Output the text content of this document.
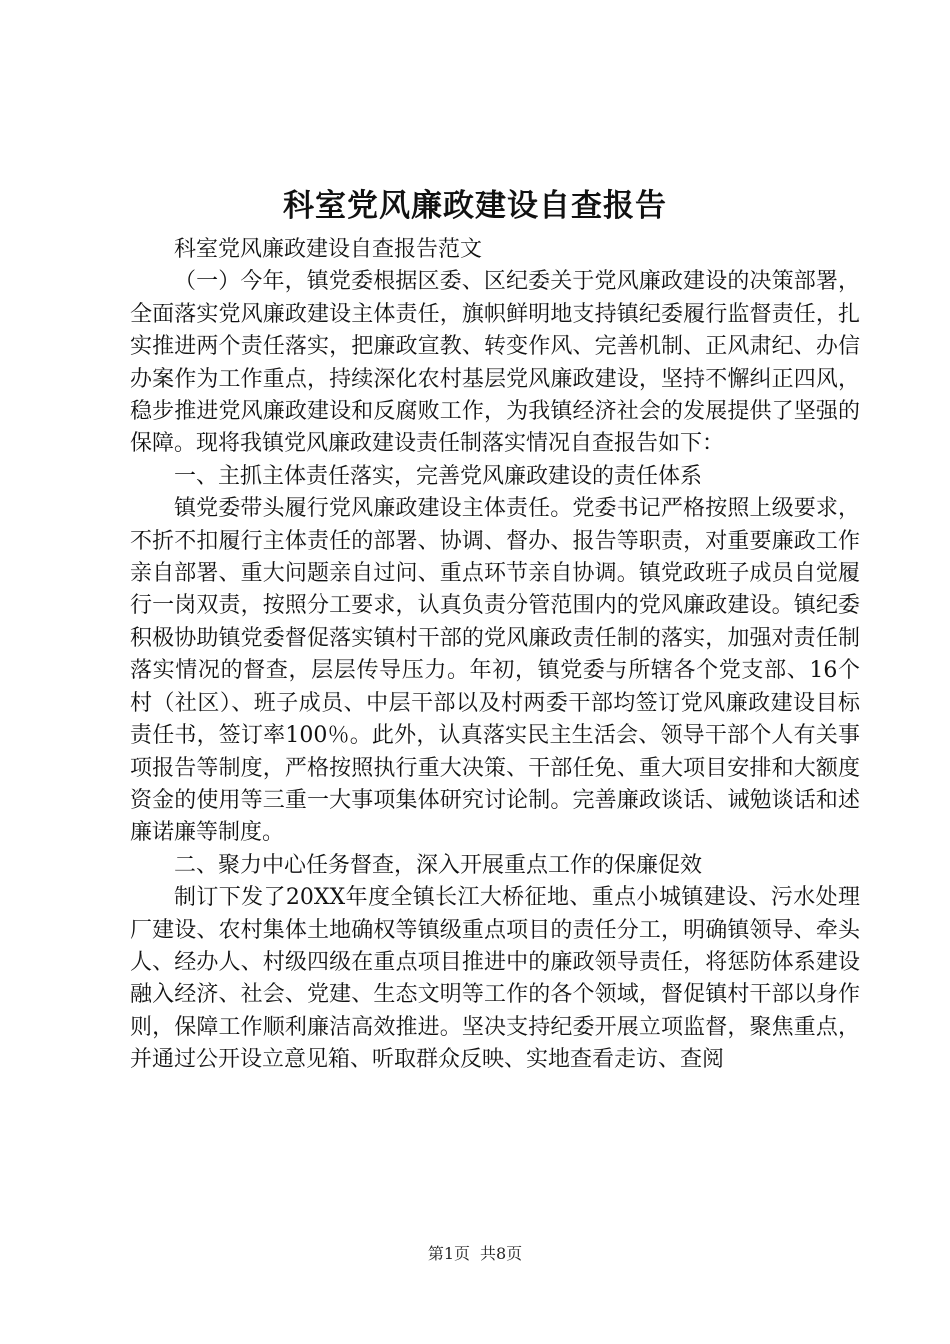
科室党风廉政建设自查报告

科室党风廉政建设自查报告范文

（一）今年，镇党委根据区委、区纪委关于党风廉政建设的决策部署，全面落实党风廉政建设主体责任，旗帜鲜明地支持镇纪委履行监督责任，扎实推进两个责任落实，把廉政宣教、转变作风、完善机制、正风肃纪、办信办案作为工作重点，持续深化农村基层党风廉政建设，坚持不懈纠正四风，稳步推进党风廉政建设和反腐败工作，为我镇经济社会的发展提供了坚强的保障。现将我镇党风廉政建设责任制落实情况自查报告如下：

一、主抓主体责任落实，完善党风廉政建设的责任体系

镇党委带头履行党风廉政建设主体责任。党委书记严格按照上级要求，不折不扣履行主体责任的部署、协调、督办、报告等职责，对重要廉政工作亲自部署、重大问题亲自过问、重点环节亲自协调。镇党政班子成员自觉履行一岗双责，按照分工要求，认真负责分管范围内的党风廉政建设。镇纪委积极协助镇党委督促落实镇村干部的党风廉政责任制的落实，加强对责任制落实情况的督查，层层传导压力。年初，镇党委与所辖各个党支部、16个村（社区）、班子成员、中层干部以及村两委干部均签订党风廉政建设目标责任书，签订率100％。此外，认真落实民主生活会、领导干部个人有关事项报告等制度，严格按照执行重大决策、干部任免、重大项目安排和大额度资金的使用等三重一大事项集体研究讨论制。完善廉政谈话、诫勉谈话和述廉诺廉等制度。

二、聚力中心任务督查，深入开展重点工作的保廉促效

制订下发了20XX年度全镇长江大桥征地、重点小城镇建设、污水处理厂建设、农村集体土地确权等镇级重点项目的责任分工，明确镇领导、牵头人、经办人、村级四级在重点项目推进中的廉政领导责任，将惩防体系建设融入经济、社会、党建、生态文明等工作的各个领域，督促镇村干部以身作则，保障工作顺利廉洁高效推进。坚决支持纪委开展立项监督，聚焦重点，并通过公开设立意见箱、听取群众反映、实地查看走访、查阅

第1页 共8页
